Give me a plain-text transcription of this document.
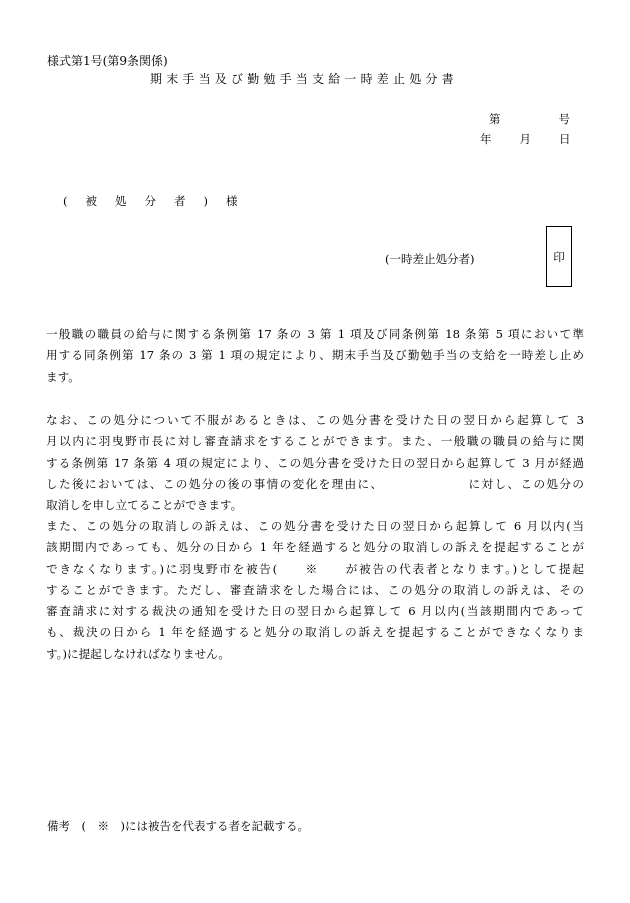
様式第1号(第9条関係)
期末手当及び勤勉手当支給一時差止処分書
第	号
年 月 日
( 被 処 分 者 ) 様
(一時差止処分者)	印
一般職の職員の給与に関する条例第 17 条の 3 第 1 項及び同条例第 18 条第 5 項において準
用する同条例第 17 条の 3 第 1 項の規定により、期末手当及び勤勉手当の支給を一時差し止め
ます。
なお、この処分について不服があるときは、この処分書を受けた日の翌日から起算して 3
月以内に羽曳野市長に対し審査請求をすることができます。また、一般職の職員の給与に関
する条例第 17 条第 4 項の規定により、この処分書を受けた日の翌日から起算して 3 月が経過
した後においては、この処分の後の事情の変化を理由に、　　　　　　　に対し、この処分の
取消しを申し立てることができます。
また、この処分の取消しの訴えは、この処分書を受けた日の翌日から起算して 6 月以内(当
該期間内であっても、処分の日から 1 年を経過すると処分の取消しの訴えを提起することが
できなくなります。)に羽曳野市を被告(　　※　　が被告の代表者となります。)として提起
することができます。ただし、審査請求をした場合には、この処分の取消しの訴えは、その
審査請求に対する裁決の通知を受けた日の翌日から起算して 6 月以内(当該期間内であって
も、裁決の日から 1 年を経過すると処分の取消しの訴えを提起することができなくなりま
す。)に提起しなければなりません。
備考　(　※　)には被告を代表する者を記載する。
